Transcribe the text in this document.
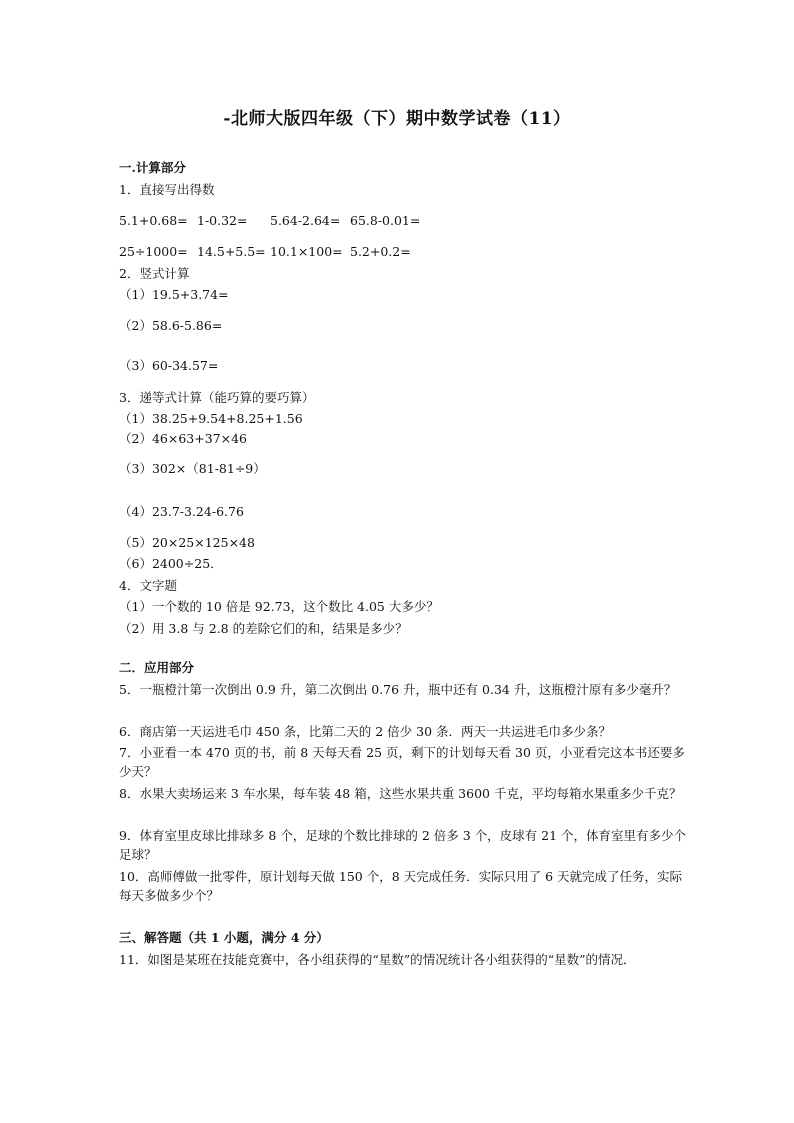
-北师大版四年级（下）期中数学试卷（11）
一.计算部分
1．直接写出得数
5.1+0.68= 1-0.32= 5.64-2.64= 65.8-0.01=
25÷1000= 14.5+5.5= 10.1×100= 5.2+0.2=
2．竖式计算
（1）19.5+3.74=
（2）58.6-5.86=
（3）60-34.57=
3．递等式计算（能巧算的要巧算）
（1）38.25+9.54+8.25+1.56
（2）46×63+37×46
（3）302×（81-81÷9）
（4）23.7-3.24-6.76
（5）20×25×125×48
（6）2400÷25．
4．文字题
（1）一个数的 10 倍是 92.73，这个数比 4.05 大多少？
（2）用 3.8 与 2.8 的差除它们的和，结果是多少？
二．应用部分
5．一瓶橙汁第一次倒出 0.9 升，第二次倒出 0.76 升，瓶中还有 0.34 升，这瓶橙汁原有多少毫升？
6．商店第一天运进毛巾 450 条，比第二天的 2 倍少 30 条．两天一共运进毛巾多少条？
7．小亚看一本 470 页的书，前 8 天每天看 25 页，剩下的计划每天看 30 页，小亚看完这本书还要多少天？
8．水果大卖场运来 3 车水果，每车装 48 箱，这些水果共重 3600 千克，平均每箱水果重多少千克？
9．体育室里皮球比排球多 8 个，足球的个数比排球的 2 倍多 3 个，皮球有 21 个，体育室里有多少个足球？
10．高师傅做一批零件，原计划每天做 150 个，8 天完成任务．实际只用了 6 天就完成了任务，实际每天多做多少个？
三、解答题（共 1 小题，满分 4 分）
11．如图是某班在技能竞赛中，各小组获得的“星数”的情况统计各小组获得的“星数”的情况．
